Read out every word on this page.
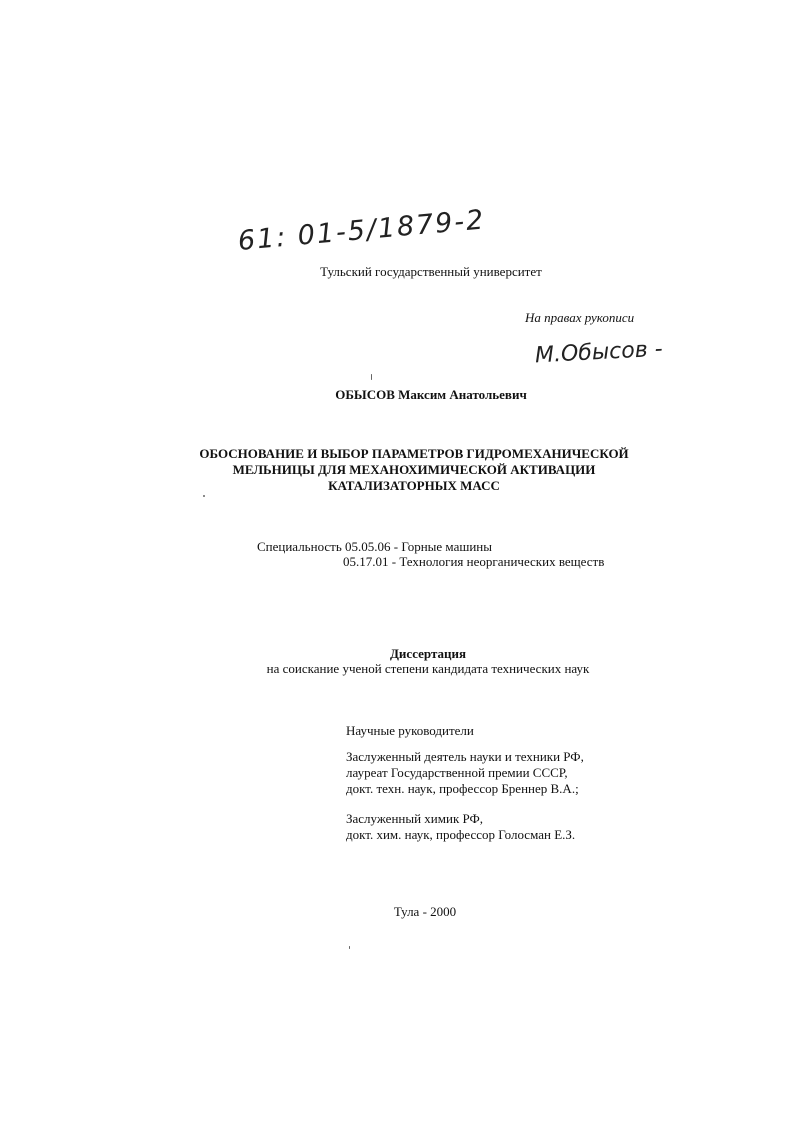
61: 01-5/1879-2
Тульский государственный университет
На правах рукописи
М.Обысов -
ОБЫСОВ Максим Анатольевич
ОБОСНОВАНИЕ И ВЫБОР ПАРАМЕТРОВ ГИДРОМЕХАНИЧЕСКОЙ
МЕЛЬНИЦЫ ДЛЯ МЕХАНОХИМИЧЕСКОЙ АКТИВАЦИИ
КАТАЛИЗАТОРНЫХ МАСС
Специальность 05.05.06 - Горные машины
05.17.01 - Технология неорганических веществ
Диссертация
на соискание ученой степени кандидата технических наук
Научные руководители
Заслуженный деятель науки и техники РФ,
лауреат Государственной премии СССР,
докт. техн. наук, профессор Бреннер В.А.;
Заслуженный химик РФ,
докт. хим. наук, профессор Голосман Е.З.
Тула - 2000
